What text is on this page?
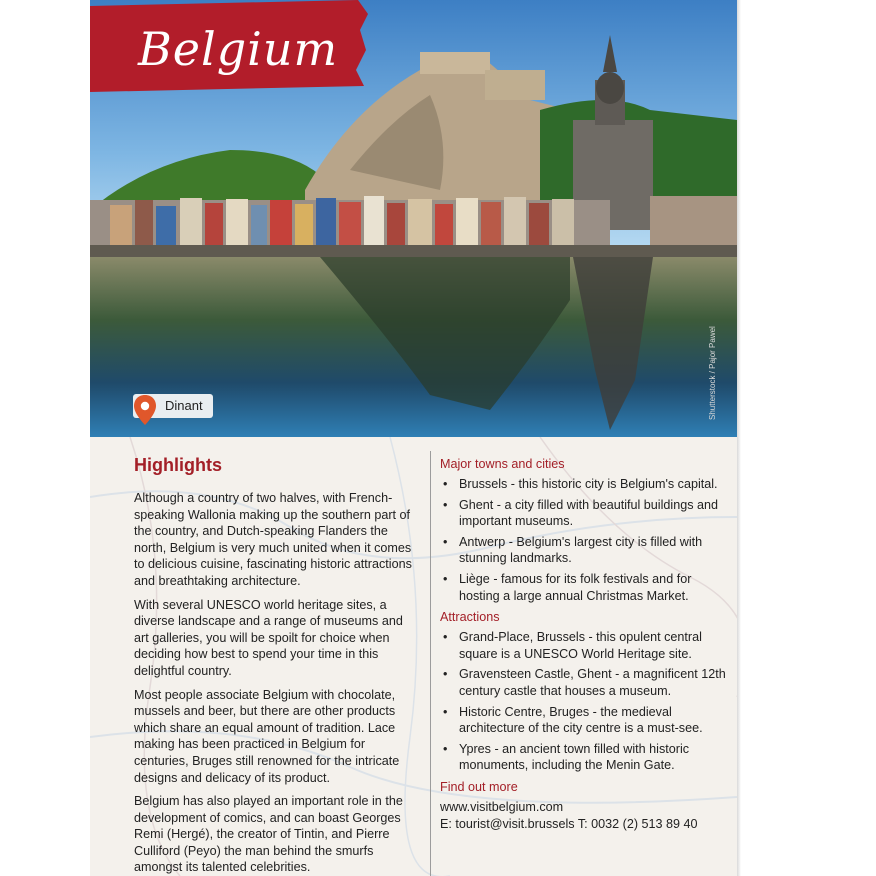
Belgium
Dinant	Shutterstock / Pajor Pawel
Highlights

Although a country of two halves, with French-speaking Wallonia making up the southern part of the country, and Dutch-speaking Flanders the north, Belgium is very much united when it comes to delicious cuisine, fascinating historic attractions and breathtaking architecture.

With several UNESCO world heritage sites, a diverse landscape and a range of museums and art galleries, you will be spoilt for choice when deciding how best to spend your time in this delightful country.

Most people associate Belgium with chocolate, mussels and beer, but there are other products which share an equal amount of tradition. Lace making has been practiced in Belgium for centuries, Bruges still renowned for the intricate designs and delicacy of its product.

Belgium has also played an important role in the development of comics, and can boast Georges Remi (Hergé), the creator of Tintin, and Pierre Culliford (Peyo) the man behind the smurfs amongst its talented celebrities.

Major towns and cities
• Brussels - this historic city is Belgium's capital.
• Ghent - a city filled with beautiful buildings and important museums.
• Antwerp - Belgium's largest city is filled with stunning landmarks.
• Liège - famous for its folk festivals and for hosting a large annual Christmas Market.
Attractions
• Grand-Place, Brussels - this opulent central square is a UNESCO World Heritage site.
• Gravensteen Castle, Ghent - a magnificent 12th century castle that houses a museum.
• Historic Centre, Bruges - the medieval architecture of the city centre is a must-see.
• Ypres - an ancient town filled with historic monuments, including the Menin Gate.
Find out more
www.visitbelgium.com
E: tourist@visit.brussels T: 0032 (2) 513 89 40
